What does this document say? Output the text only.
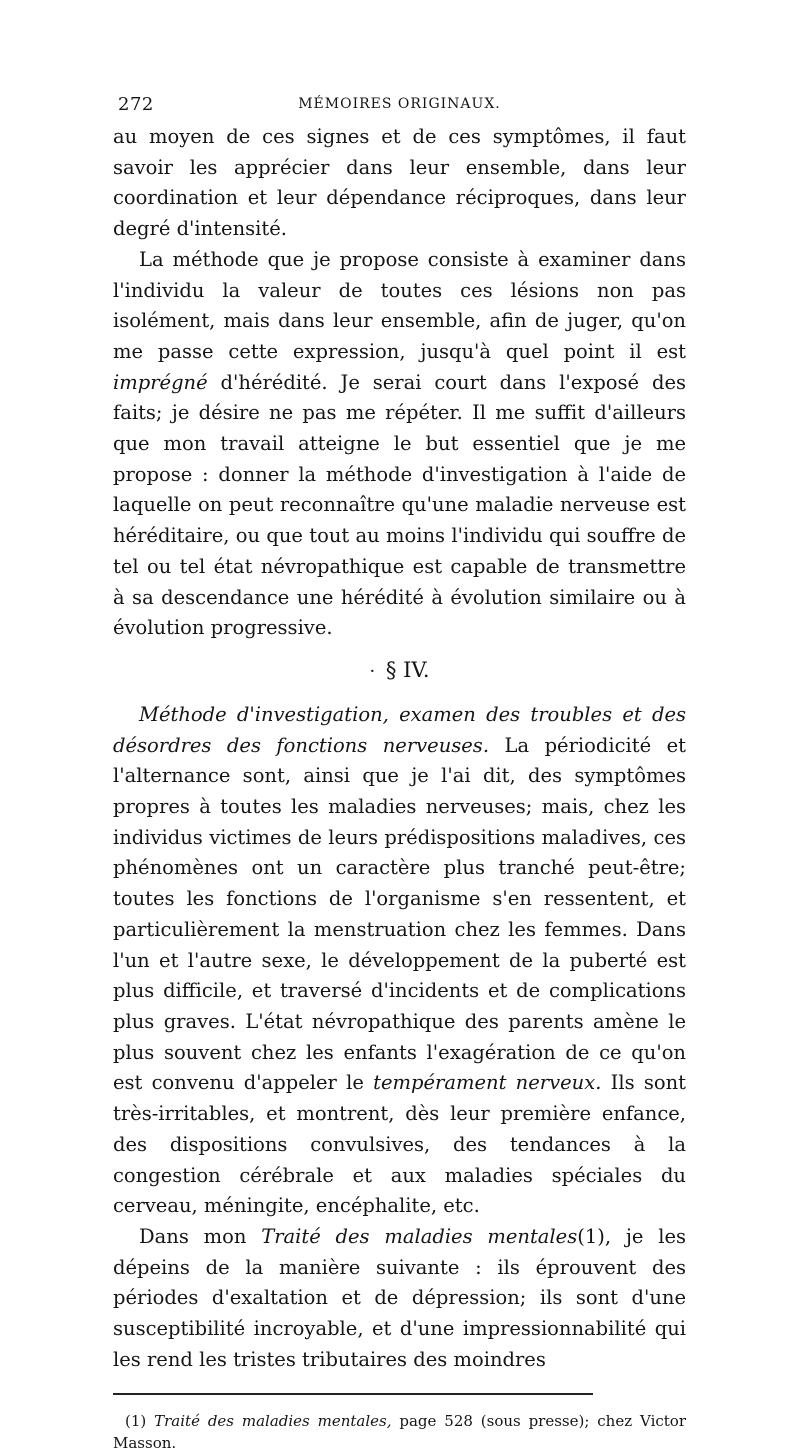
272	MÉMOIRES ORIGINAUX.

au moyen de ces signes et de ces symptômes, il faut savoir les apprécier dans leur ensemble, dans leur coordination et leur dépendance réciproques, dans leur degré d'intensité.

La méthode que je propose consiste à examiner dans l'individu la valeur de toutes ces lésions non pas isolément, mais dans leur ensemble, afin de juger, qu'on me passe cette expression, jusqu'à quel point il est imprégné d'hérédité. Je serai court dans l'exposé des faits; je désire ne pas me répéter. Il me suffit d'ailleurs que mon travail atteigne le but essentiel que je me propose : donner la méthode d'investigation à l'aide de laquelle on peut reconnaître qu'une maladie nerveuse est héréditaire, ou que tout au moins l'individu qui souffre de tel ou tel état névropathique est capable de transmettre à sa descendance une hérédité à évolution similaire ou à évolution progressive.

· § IV.

Méthode d'investigation, examen des troubles et des désordres des fonctions nerveuses. La périodicité et l'alternance sont, ainsi que je l'ai dit, des symptômes propres à toutes les maladies nerveuses; mais, chez les individus victimes de leurs prédispositions maladives, ces phénomènes ont un caractère plus tranché peut-être; toutes les fonctions de l'organisme s'en ressentent, et particulièrement la menstruation chez les femmes. Dans l'un et l'autre sexe, le développement de la puberté est plus difficile, et traversé d'incidents et de complications plus graves. L'état névropathique des parents amène le plus souvent chez les enfants l'exagération de ce qu'on est convenu d'appeler le tempérament nerveux. Ils sont très-irritables, et montrent, dès leur première enfance, des dispositions convulsives, des tendances à la congestion cérébrale et aux maladies spéciales du cerveau, méningite, encéphalite, etc.

Dans mon Traité des maladies mentales(1), je les dépeins de la manière suivante : ils éprouvent des périodes d'exaltation et de dépression; ils sont d'une susceptibilité incroyable, et d'une impressionnabilité qui les rend les tristes tributaires des moindres

(1) Traité des maladies mentales, page 528 (sous presse); chez Victor Masson.
